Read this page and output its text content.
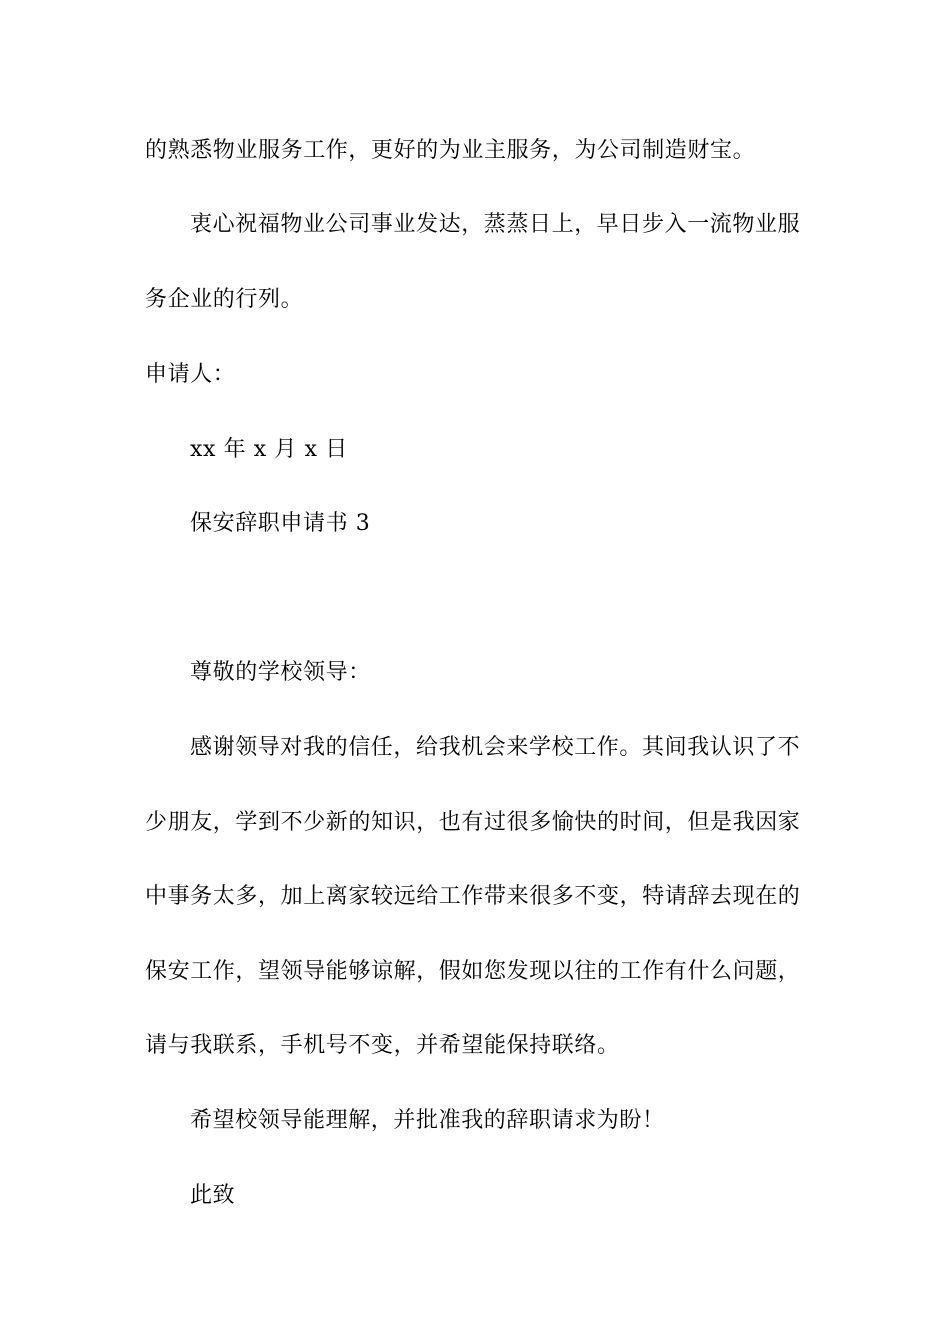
的熟悉物业服务工作，更好的为业主服务，为公司制造财宝。
衷心祝福物业公司事业发达，蒸蒸日上，早日步入一流物业服
务企业的行列。
申请人：
xx 年 x 月 x 日
保安辞职申请书 3
尊敬的学校领导：
感谢领导对我的信任，给我机会来学校工作。其间我认识了不
少朋友，学到不少新的知识，也有过很多愉快的时间，但是我因家
中事务太多，加上离家较远给工作带来很多不变，特请辞去现在的
保安工作，望领导能够谅解，假如您发现以往的工作有什么问题，
请与我联系，手机号不变，并希望能保持联络。
希望校领导能理解，并批准我的辞职请求为盼！
此致
